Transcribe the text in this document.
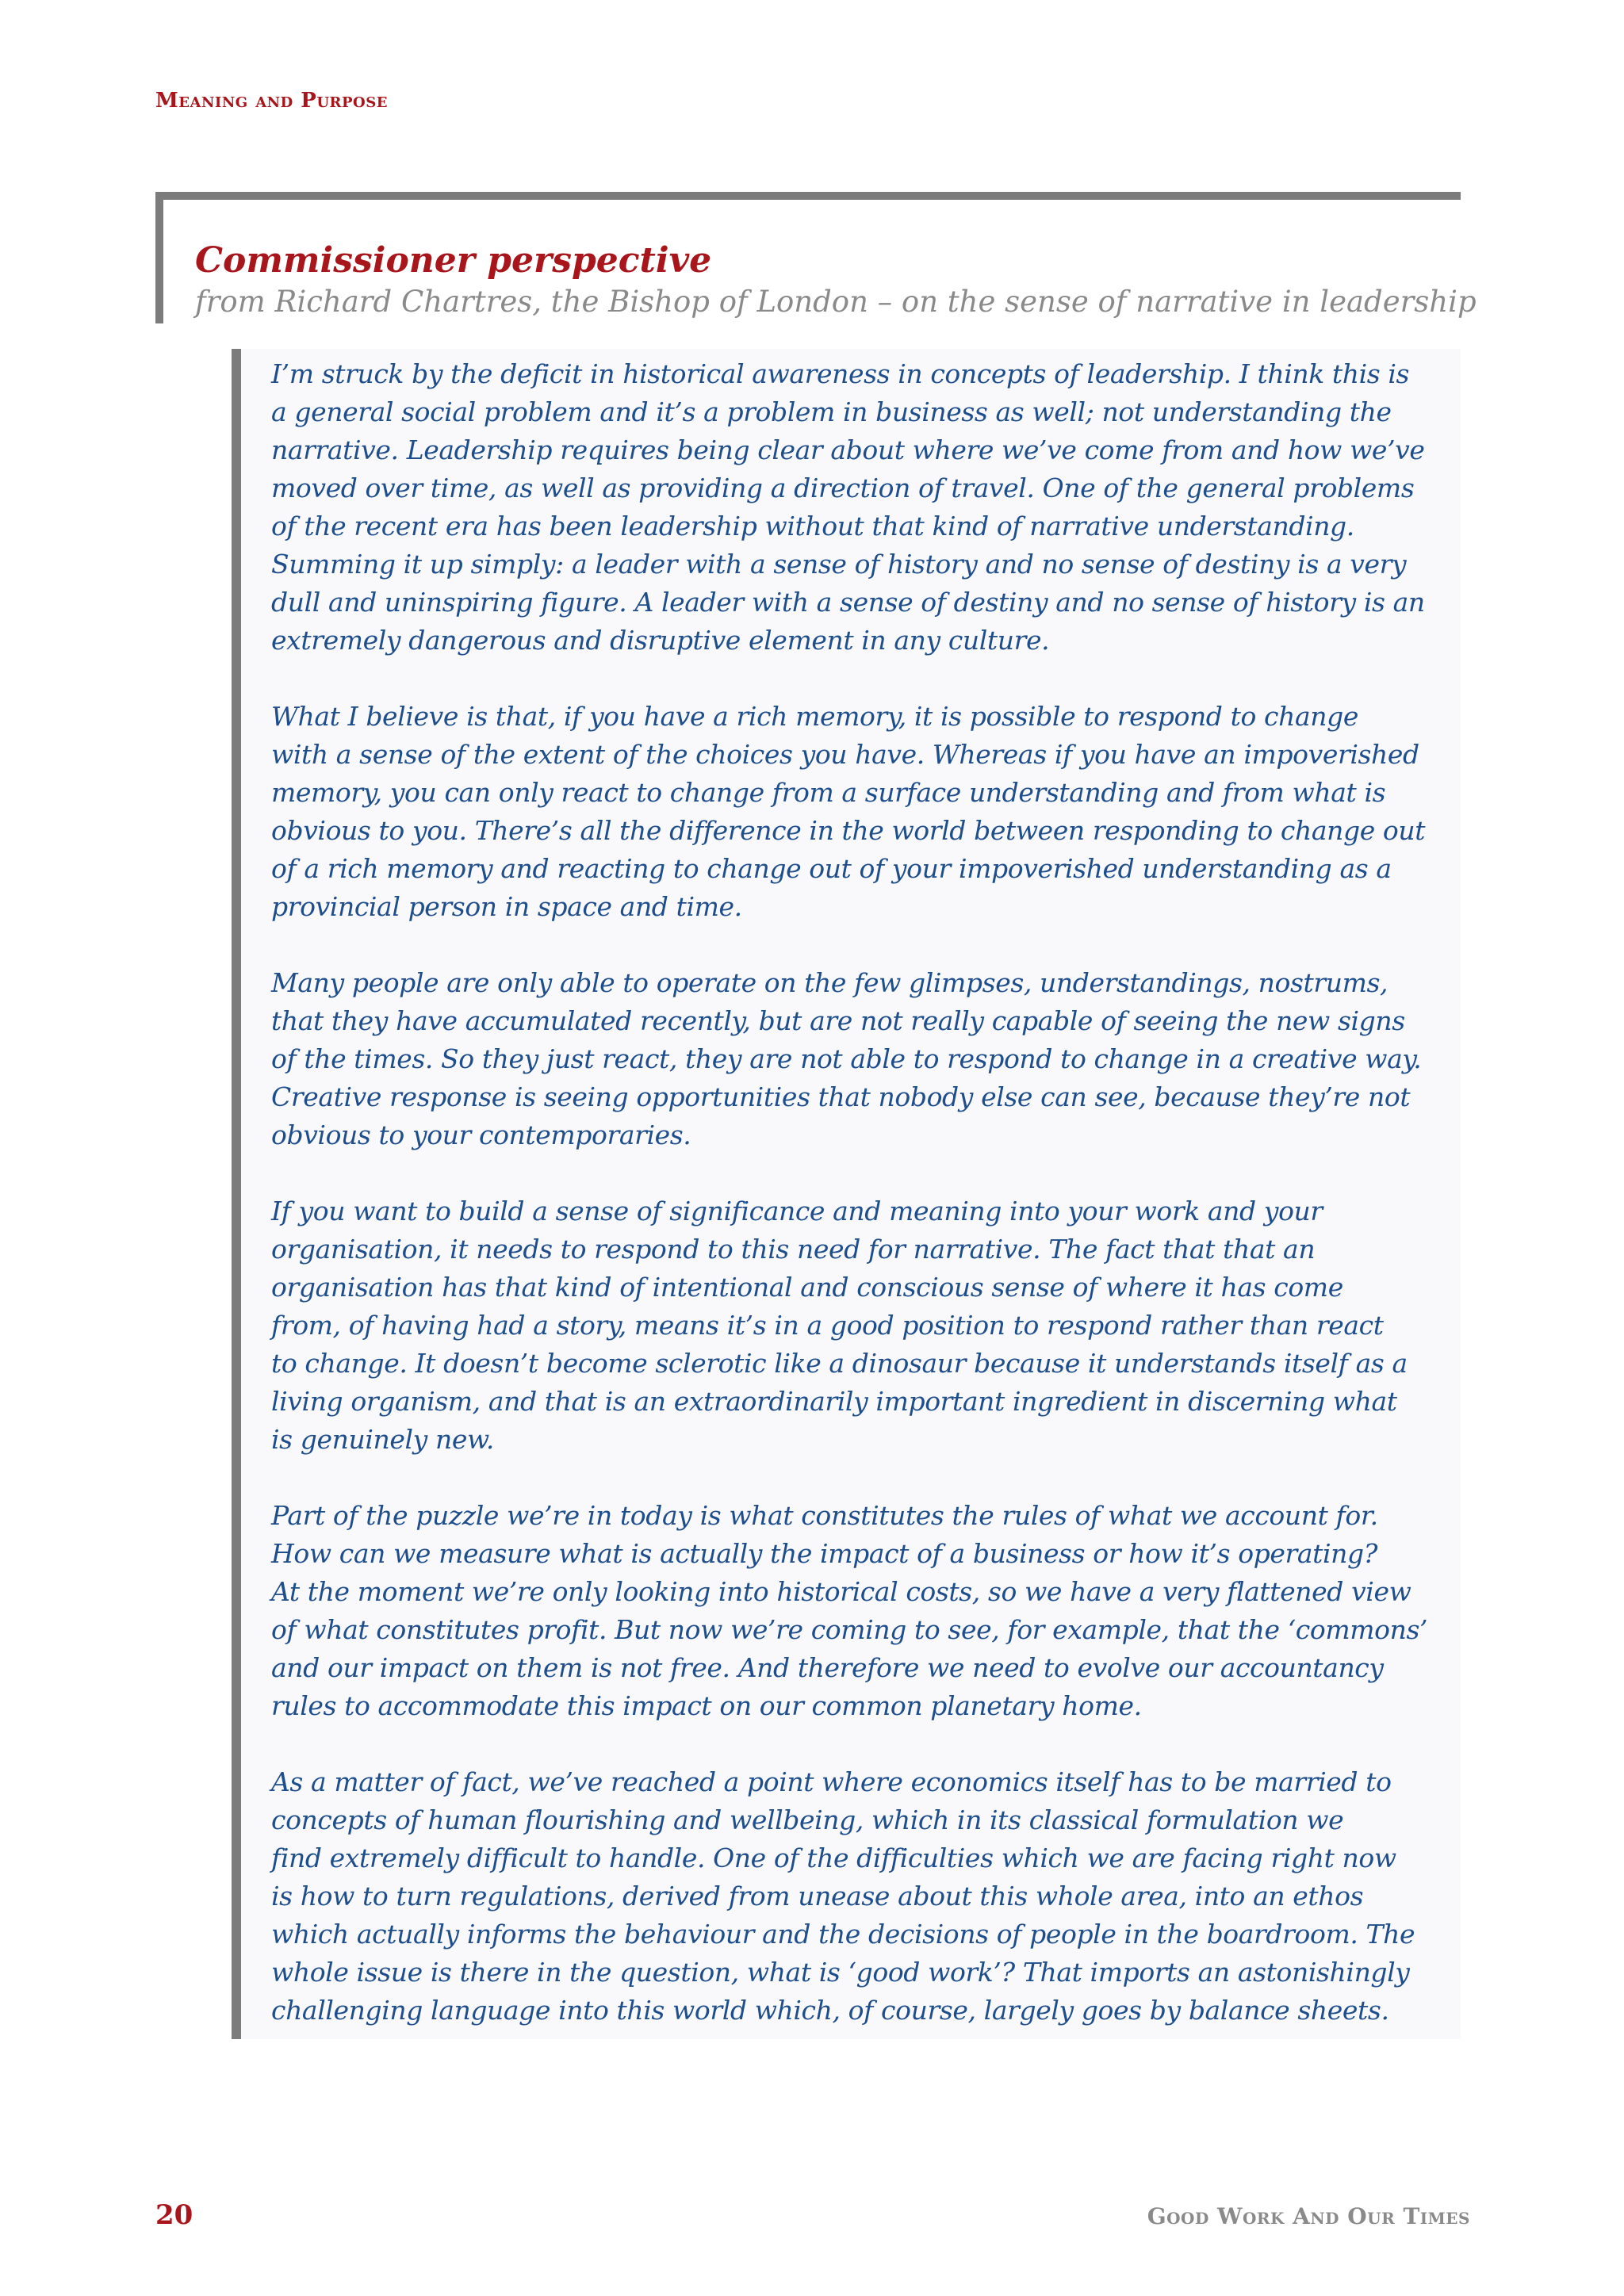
Meaning and Purpose
Commissioner perspective
from Richard Chartres, the Bishop of London – on the sense of narrative in leadership

I’m struck by the deficit in historical awareness in concepts of leadership. I think this is
a general social problem and it’s a problem in business as well; not understanding the
narrative. Leadership requires being clear about where we’ve come from and how we’ve
moved over time, as well as providing a direction of travel. One of the general problems
of the recent era has been leadership without that kind of narrative understanding.
Summing it up simply: a leader with a sense of history and no sense of destiny is a very
dull and uninspiring figure. A leader with a sense of destiny and no sense of history is an
extremely dangerous and disruptive element in any culture.

What I believe is that, if you have a rich memory, it is possible to respond to change
with a sense of the extent of the choices you have. Whereas if you have an impoverished
memory, you can only react to change from a surface understanding and from what is
obvious to you. There’s all the difference in the world between responding to change out
of a rich memory and reacting to change out of your impoverished understanding as a
provincial person in space and time.

Many people are only able to operate on the few glimpses, understandings, nostrums,
that they have accumulated recently, but are not really capable of seeing the new signs
of the times. So they just react, they are not able to respond to change in a creative way.
Creative response is seeing opportunities that nobody else can see, because they’re not
obvious to your contemporaries.

If you want to build a sense of significance and meaning into your work and your
organisation, it needs to respond to this need for narrative. The fact that that an
organisation has that kind of intentional and conscious sense of where it has come
from, of having had a story, means it’s in a good position to respond rather than react
to change. It doesn’t become sclerotic like a dinosaur because it understands itself as a
living organism, and that is an extraordinarily important ingredient in discerning what
is genuinely new.

Part of the puzzle we’re in today is what constitutes the rules of what we account for.
How can we measure what is actually the impact of a business or how it’s operating?
At the moment we’re only looking into historical costs, so we have a very flattened view
of what constitutes profit. But now we’re coming to see, for example, that the ‘commons’
and our impact on them is not free. And therefore we need to evolve our accountancy
rules to accommodate this impact on our common planetary home.

As a matter of fact, we’ve reached a point where economics itself has to be married to
concepts of human flourishing and wellbeing, which in its classical formulation we
find extremely difficult to handle. One of the difficulties which we are facing right now
is how to turn regulations, derived from unease about this whole area, into an ethos
which actually informs the behaviour and the decisions of people in the boardroom. The
whole issue is there in the question, what is ‘good work’? That imports an astonishingly
challenging language into this world which, of course, largely goes by balance sheets.

20	Good Work And Our Times
